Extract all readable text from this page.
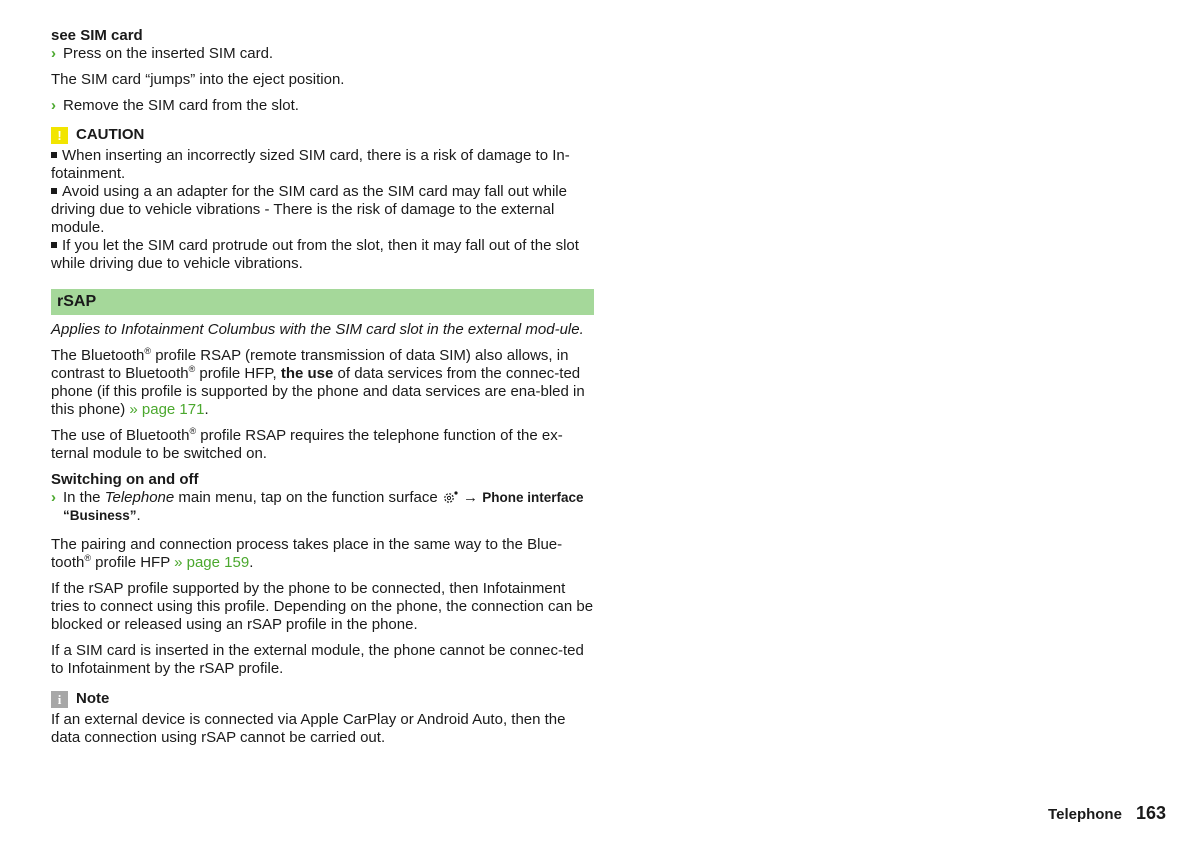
see SIM card

› Press on the inserted SIM card.

The SIM card “jumps” into the eject position.

› Remove the SIM card from the slot.

! CAUTION

When inserting an incorrectly sized SIM card, there is a risk of damage to In-fotainment.

Avoid using a an adapter for the SIM card as the SIM card may fall out while driving due to vehicle vibrations - There is the risk of damage to the external module.

If you let the SIM card protrude out from the slot, then it may fall out of the slot while driving due to vehicle vibrations.

rSAP

Applies to Infotainment Columbus with the SIM card slot in the external mod-ule.

The Bluetooth® profile RSAP (remote transmission of data SIM) also allows, in contrast to Bluetooth® profile HFP, the use of data services from the connec-ted phone (if this profile is supported by the phone and data services are ena-bled in this phone) » page 171.

The use of Bluetooth® profile RSAP requires the telephone function of the ex-ternal module to be switched on.

Switching on and off

› In the Telephone main menu, tap on the function surface  → Phone interface “Business”.

The pairing and connection process takes place in the same way to the Blue-tooth® profile HFP » page 159.

If the rSAP profile supported by the phone to be connected, then Infotainment tries to connect using this profile. Depending on the phone, the connection can be blocked or released using an rSAP profile in the phone.

If a SIM card is inserted in the external module, the phone cannot be connec-ted to Infotainment by the rSAP profile.

i Note

If an external device is connected via Apple CarPlay or Android Auto, then the data connection using rSAP cannot be carried out.

Telephone 163
